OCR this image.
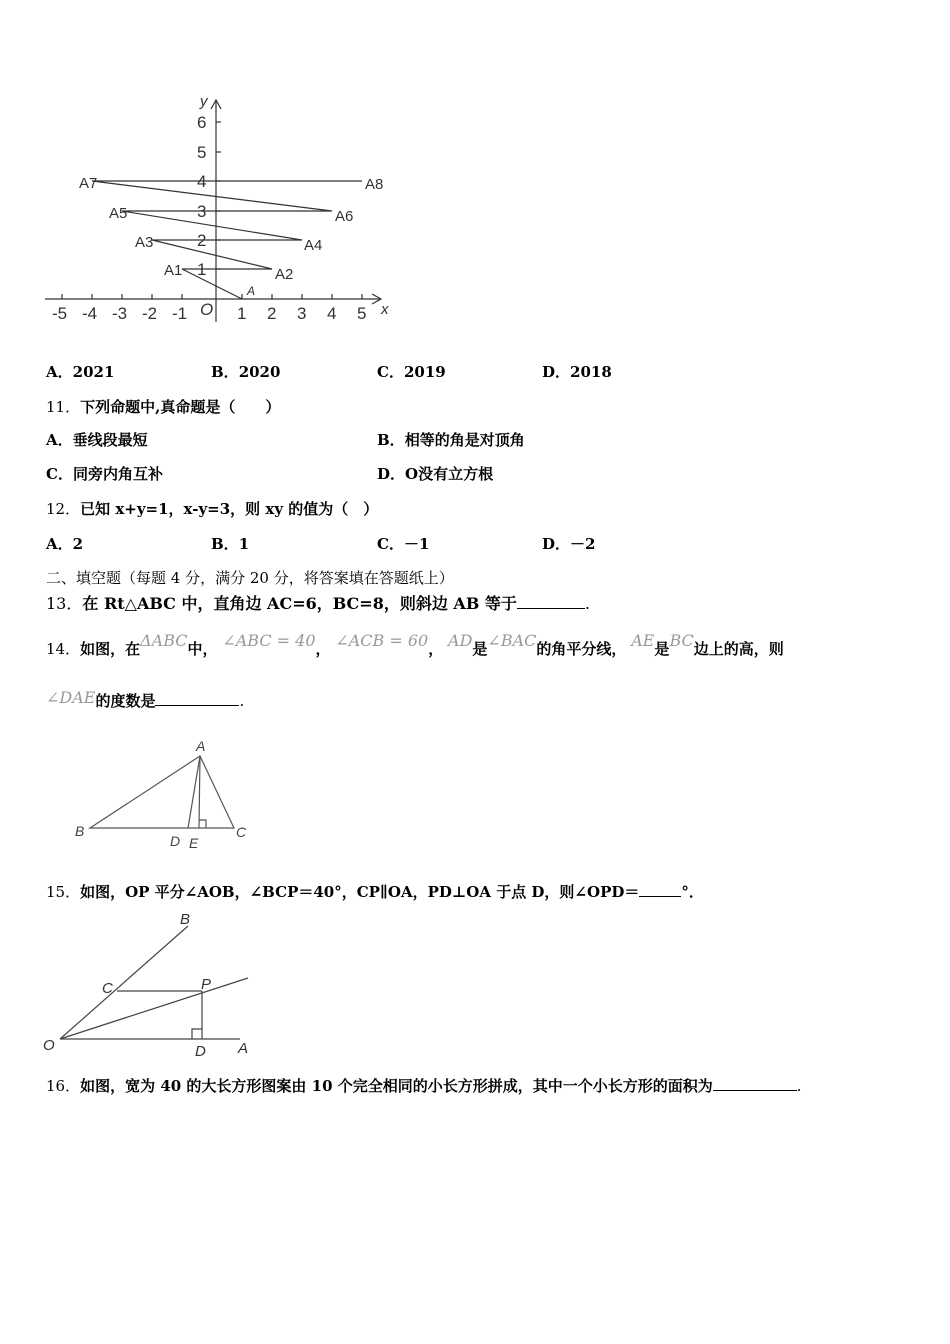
y
1
2
3
4
5
6
-5 -4 -3 -2 -1 O 1 2 3 4 5 x
A
A1	A2
A3	A4
A5	A6
A7	A8
A．2021	B．2020	C．2019	D．2018
11．下列命题中,真命题是（　　）
A．垂线段最短	B．相等的角是对顶角
C．同旁内角互补	D．O没有立方根
12．已知 x+y=1，x-y=3，则 xy 的值为（　）
A．2	B．1	C．－1	D．－2
二、填空题（每题 4 分，满分 20 分，将答案填在答题纸上）
13．在 Rt△ABC 中，直角边 AC=6，BC=8，则斜边 AB 等于	.
14．如图，在ΔABC中， ∠ABC = 40， ∠ACB = 60， AD是∠BAC的角平分线， AE是BC边上的高，则
∠DAE的度数是	.
A
B	C
D E
15．如图，OP 平分∠AOB，∠BCP＝40°，CP∥OA，PD⊥OA 于点 D，则∠OPD＝	°．
O	A
B
C	P
D
16．如图，宽为 40 的大长方形图案由 10 个完全相同的小长方形拼成，其中一个小长方形的面积为	.
